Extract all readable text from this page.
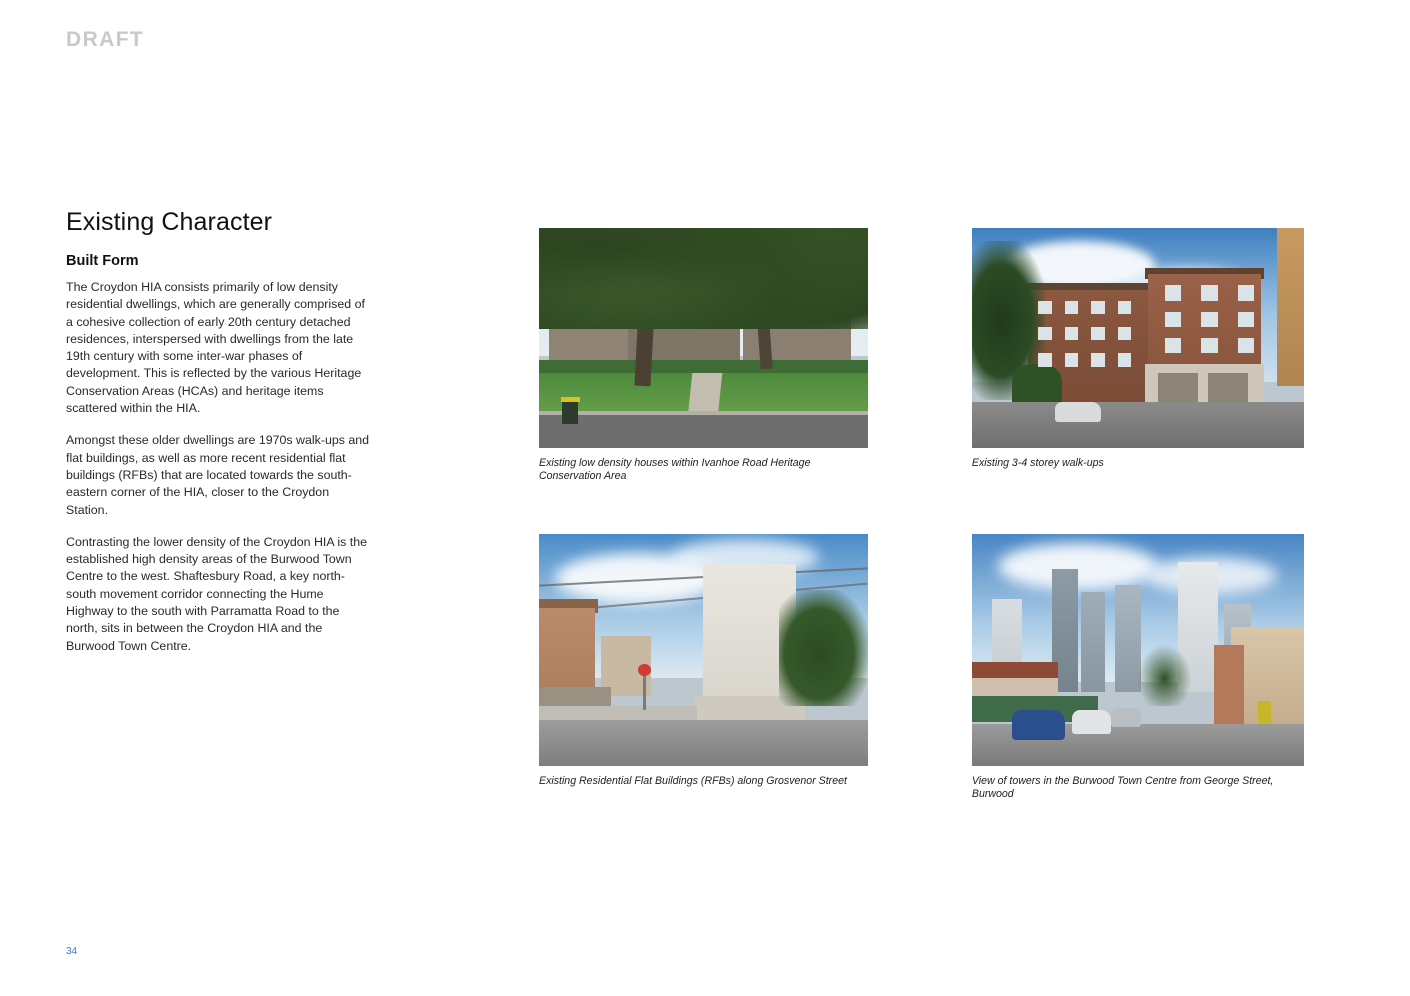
DRAFT
Existing Character
Built Form

The Croydon HIA consists primarily of low density residential dwellings, which are generally comprised of a cohesive collection of early 20th century detached residences, interspersed with dwellings from the late 19th century with some inter-war phases of development. This is reflected by the various Heritage Conservation Areas (HCAs) and heritage items scattered within the HIA.

Amongst these older dwellings are 1970s walk-ups and flat buildings, as well as more recent residential flat buildings (RFBs) that are located towards the south-eastern corner of the HIA, closer to the Croydon Station.

Contrasting the lower density of the Croydon HIA is the established high density areas of the Burwood Town Centre to the west. Shaftesbury Road, a key north-south movement corridor connecting the Hume Highway to the south with Parramatta Road to the north, sits in between the Croydon HIA and the Burwood Town Centre.

Existing low density houses within Ivanhoe Road Heritage Conservation Area
Existing 3-4 storey walk-ups
Existing Residential Flat Buildings (RFBs) along Grosvenor Street	View of towers in the Burwood Town Centre from George Street, Burwood
34
